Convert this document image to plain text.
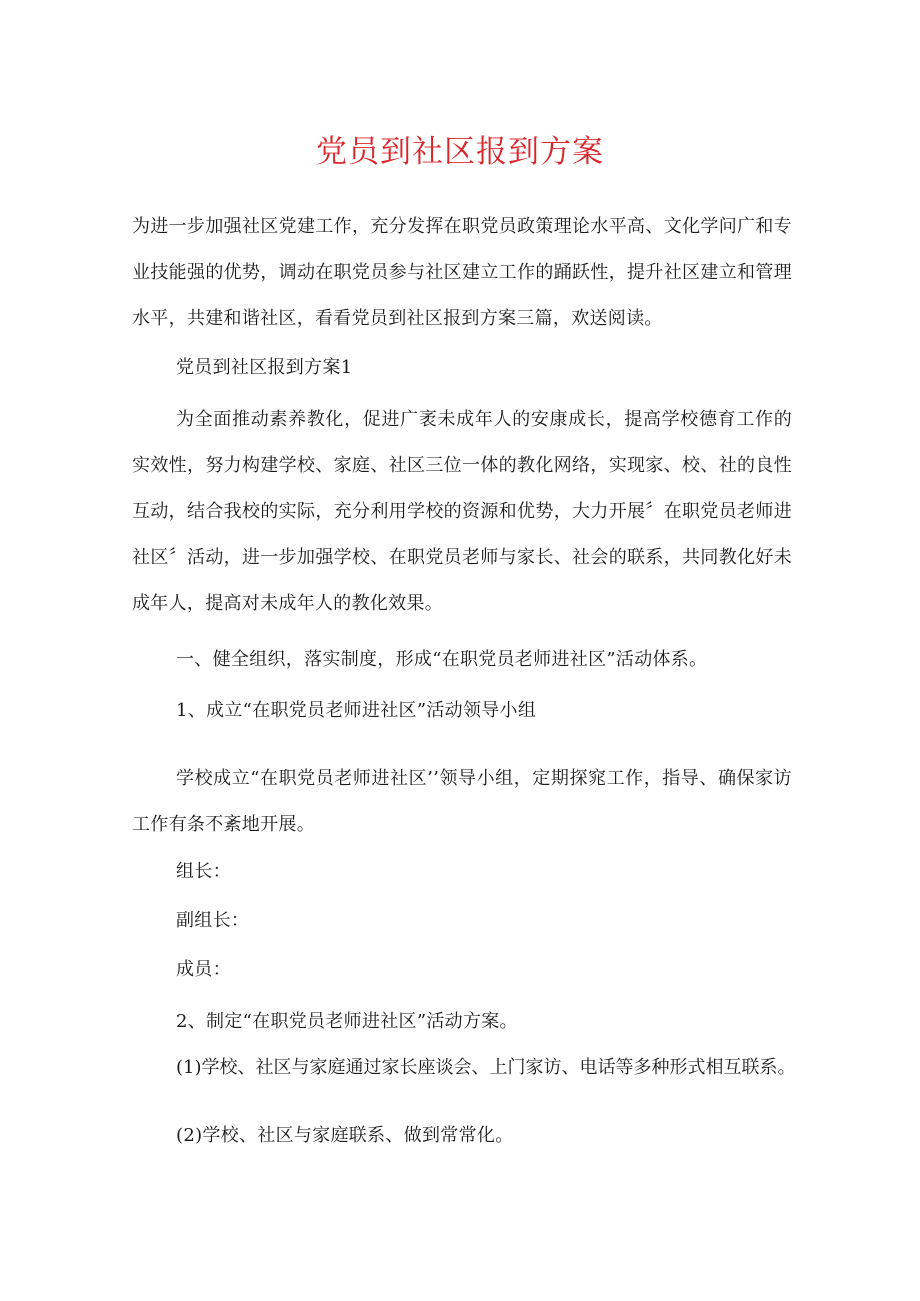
党员到社区报到方案

为进一步加强社区党建工作，充分发挥在职党员政策理论水平高、文化学问广和专业技能强的优势，调动在职党员参与社区建立工作的踊跃性，提升社区建立和管理水平，共建和谐社区，看看党员到社区报到方案三篇，欢送阅读。

党员到社区报到方案1

为全面推动素养教化，促进广袤未成年人的安康成长，提高学校德育工作的实效性，努力构建学校、家庭、社区三位一体的教化网络，实现家、校、社的良性互动，结合我校的实际，充分利用学校的资源和优势，大力开展〞在职党员老师进社区〞活动，进一步加强学校、在职党员老师与家长、社会的联系，共同教化好未成年人，提高对未成年人的教化效果。

一、健全组织，落实制度，形成“在职党员老师进社区”活动体系。

1、成立“在职党员老师进社区”活动领导小组

学校成立“在职党员老师进社区’’领导小组，定期探窕工作，指导、确保家访工作有条不紊地开展。

组长：

副组长：

成员：

2、制定“在职党员老师进社区”活动方案。

(1)学校、社区与家庭通过家长座谈会、上门家访、电话等多种形式相互联系。

(2)学校、社区与家庭联系、做到常常化。
